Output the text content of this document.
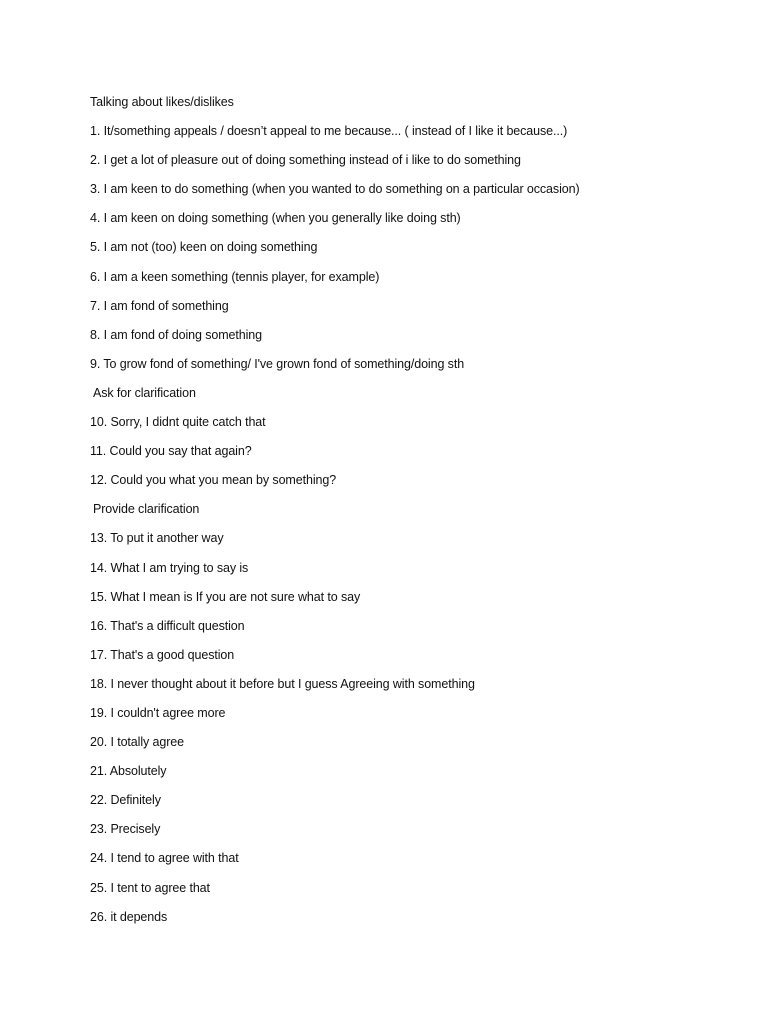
Talking about likes/dislikes
1. It/something appeals / doesn’t appeal to me because... ( instead of I like it because...)
2. I get a lot of pleasure out of doing something instead of i like to do something
3. I am keen to do something (when you wanted to do something on a particular occasion)
4. I am keen on doing something (when you generally like doing sth)
5. I am not (too) keen on doing something
6. I am a keen something (tennis player, for example)
7. I am fond of something
8. I am fond of doing something
9. To grow fond of something/ I've grown fond of something/doing sth
Ask for clarification
10. Sorry, I didnt quite catch that
11. Could you say that again?
12. Could you what you mean by something?
Provide clarification
13. To put it another way
14. What I am trying to say is
15. What I mean is If you are not sure what to say
16. That's a difficult question
17. That's a good question
18. I never thought about it before but I guess Agreeing with something
19. I couldn't agree more
20. I totally agree
21. Absolutely
22. Definitely
23. Precisely
24. I tend to agree with that
25. I tent to agree that
26. it depends
